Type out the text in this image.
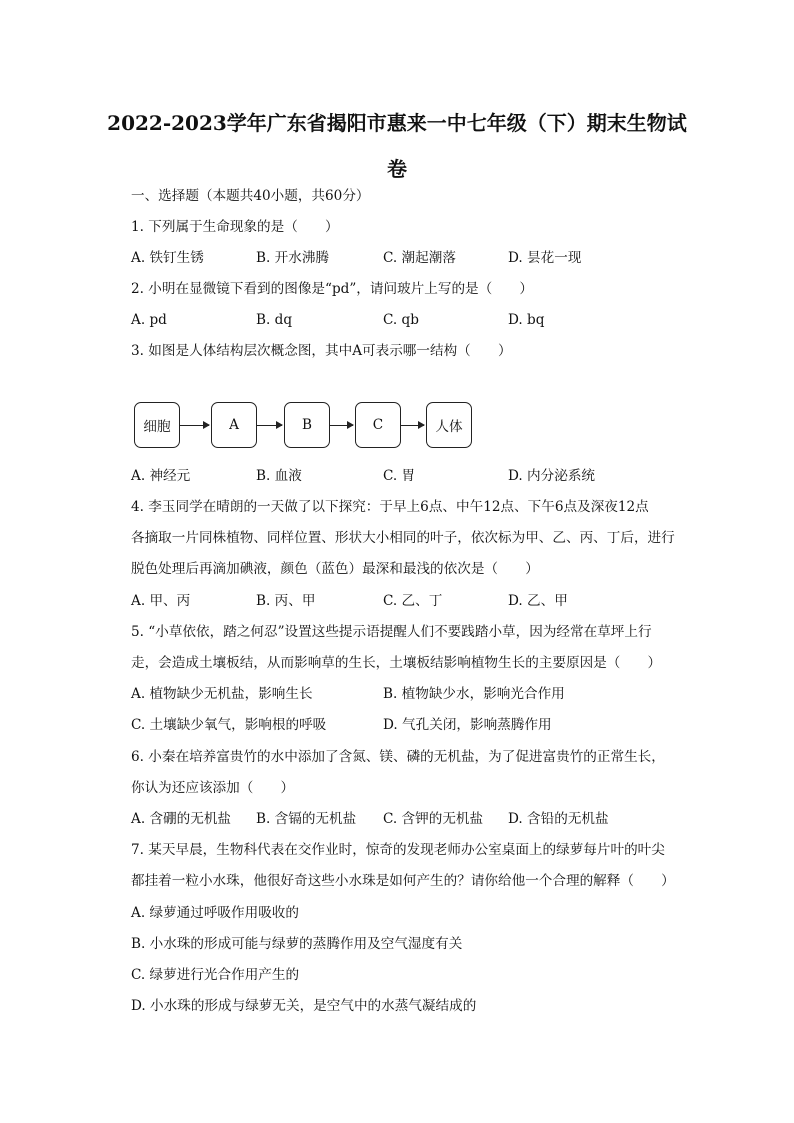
2022-2023学年广东省揭阳市惠来一中七年级（下）期末生物试
卷
一、选择题（本题共40小题，共60分）
1. 下列属于生命现象的是（　　）
A. 铁钉生锈	B. 开水沸腾	C. 潮起潮落	D. 昙花一现
2. 小明在显微镜下看到的图像是“pd”，请问玻片上写的是（　　）
A. pd	B. dq	C. qb	D. bq
3. 如图是人体结构层次概念图，其中A可表示哪一结构（　　）
细胞	A	B	C	人体
A. 神经元	B. 血液	C. 胃	D. 内分泌系统
4. 李玉同学在晴朗的一天做了以下探究：于早上6点、中午12点、下午6点及深夜12点
各摘取一片同株植物、同样位置、形状大小相同的叶子，依次标为甲、乙、丙、丁后，进行
脱色处理后再滴加碘液，颜色（蓝色）最深和最浅的依次是（　　）
A. 甲、丙	B. 丙、甲	C. 乙、丁	D. 乙、甲
5. “小草依依，踏之何忍”设置这些提示语提醒人们不要践踏小草，因为经常在草坪上行
走，会造成土壤板结，从而影响草的生长，土壤板结影响植物生长的主要原因是（　　）
A. 植物缺少无机盐，影响生长	B. 植物缺少水，影响光合作用
C. 土壤缺少氧气，影响根的呼吸	D. 气孔关闭，影响蒸腾作用
6. 小秦在培养富贵竹的水中添加了含氮、镁、磷的无机盐，为了促进富贵竹的正常生长，
你认为还应该添加（　　）
A. 含硼的无机盐 B. 含镉的无机盐 C. 含钾的无机盐 D. 含铅的无机盐
7. 某天早晨，生物科代表在交作业时，惊奇的发现老师办公室桌面上的绿萝每片叶的叶尖
都挂着一粒小水珠，他很好奇这些小水珠是如何产生的？请你给他一个合理的解释（　　）
A. 绿萝通过呼吸作用吸收的
B. 小水珠的形成可能与绿萝的蒸腾作用及空气湿度有关
C. 绿萝进行光合作用产生的
D. 小水珠的形成与绿萝无关，是空气中的水蒸气凝结成的
